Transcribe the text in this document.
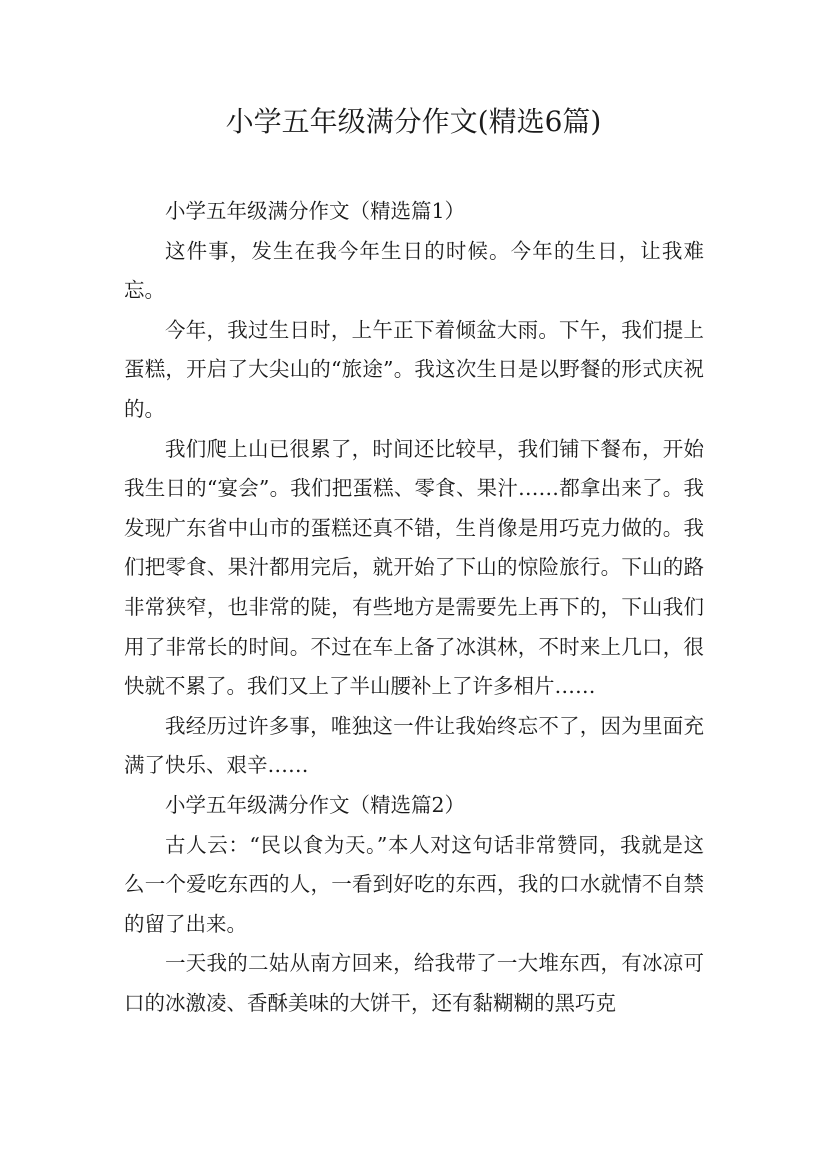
小学五年级满分作文(精选6篇)

小学五年级满分作文（精选篇1）

这件事，发生在我今年生日的时候。今年的生日，让我难忘。

今年，我过生日时，上午正下着倾盆大雨。下午，我们提上蛋糕，开启了大尖山的“旅途”。我这次生日是以野餐的形式庆祝的。

我们爬上山已很累了，时间还比较早，我们铺下餐布，开始我生日的“宴会”。我们把蛋糕、零食、果汁……都拿出来了。我发现广东省中山市的蛋糕还真不错，生肖像是用巧克力做的。我们把零食、果汁都用完后，就开始了下山的惊险旅行。下山的路非常狭窄，也非常的陡，有些地方是需要先上再下的，下山我们用了非常长的时间。不过在车上备了冰淇林，不时来上几口，很快就不累了。我们又上了半山腰补上了许多相片……

我经历过许多事，唯独这一件让我始终忘不了，因为里面充满了快乐、艰辛……

小学五年级满分作文（精选篇2）

古人云：“民以食为天。”本人对这句话非常赞同，我就是这么一个爱吃东西的人，一看到好吃的东西，我的口水就情不自禁的留了出来。

一天我的二姑从南方回来，给我带了一大堆东西，有冰凉可口的冰激凌、香酥美味的大饼干，还有黏糊糊的黑巧克
